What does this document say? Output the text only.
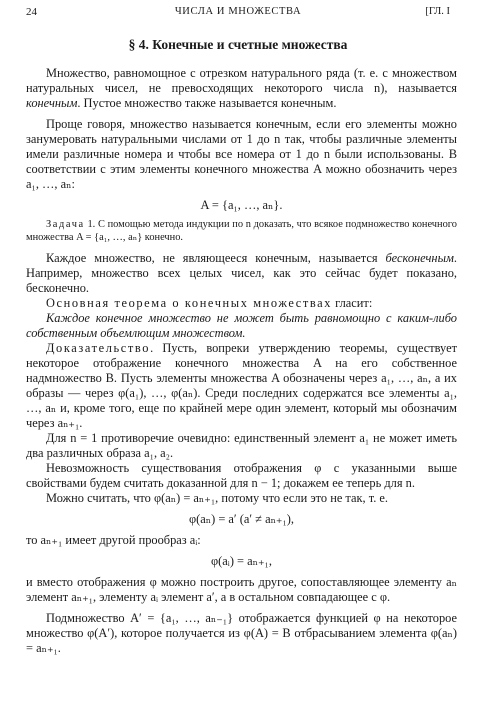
24	ЧИСЛА И МНОЖЕСТВА	[ГЛ. I
§ 4. Конечные и счетные множества

Множество, равномощное с отрезком натурального ряда (т. е. с множеством натуральных чисел, не превосходящих некоторого числа n), называется конечным. Пустое множество также называется конечным.

Проще говоря, множество называется конечным, если его элементы можно занумеровать натуральными числами от 1 до n так, чтобы различные элементы имели различные номера и чтобы все номера от 1 до n были использованы. В соответствии с этим элементы конечного множества A можно обозначить через a₁, …, aₙ:

A = {a₁, …, aₙ}.

Задача 1. С помощью метода индукции по n доказать, что всякое подмножество конечного множества A = {a₁, …, aₙ} конечно.

Каждое множество, не являющееся конечным, называется бесконечным. Например, множество всех целых чисел, как это сейчас будет показано, бесконечно.

Основная теорема о конечных множествах гласит:

Каждое конечное множество не может быть равномощно с каким-либо собственным объемлющим множеством.

Доказательство. Пусть, вопреки утверждению теоремы, существует некоторое отображение конечного множества A на его собственное надмножество B. Пусть элементы множества A обозначены через a₁, …, aₙ, а их образы — через φ(a₁), …, φ(aₙ). Среди последних содержатся все элементы a₁, …, aₙ и, кроме того, еще по крайней мере один элемент, который мы обозначим через aₙ₊₁.

Для n = 1 противоречие очевидно: единственный элемент a₁ не может иметь два различных образа a₁, a₂.

Невозможность существования отображения φ с указанными выше свойствами будем считать доказанной для n − 1; докажем ее теперь для n.

Можно считать, что φ(aₙ) = aₙ₊₁, потому что если это не так, т. е.

φ(aₙ) = a′ (a′ ≠ aₙ₊₁),

то aₙ₊₁ имеет другой прообраз aᵢ:

φ(aᵢ) = aₙ₊₁,

и вместо отображения φ можно построить другое, сопоставляющее элементу aₙ элемент aₙ₊₁, элементу aᵢ элемент a′, а в остальном совпадающее с φ.

Подмножество A′ = {a₁, …, aₙ₋₁} отображается функцией φ на некоторое множество φ(A′), которое получается из φ(A) = B отбрасыванием элемента φ(aₙ) = aₙ₊₁.
